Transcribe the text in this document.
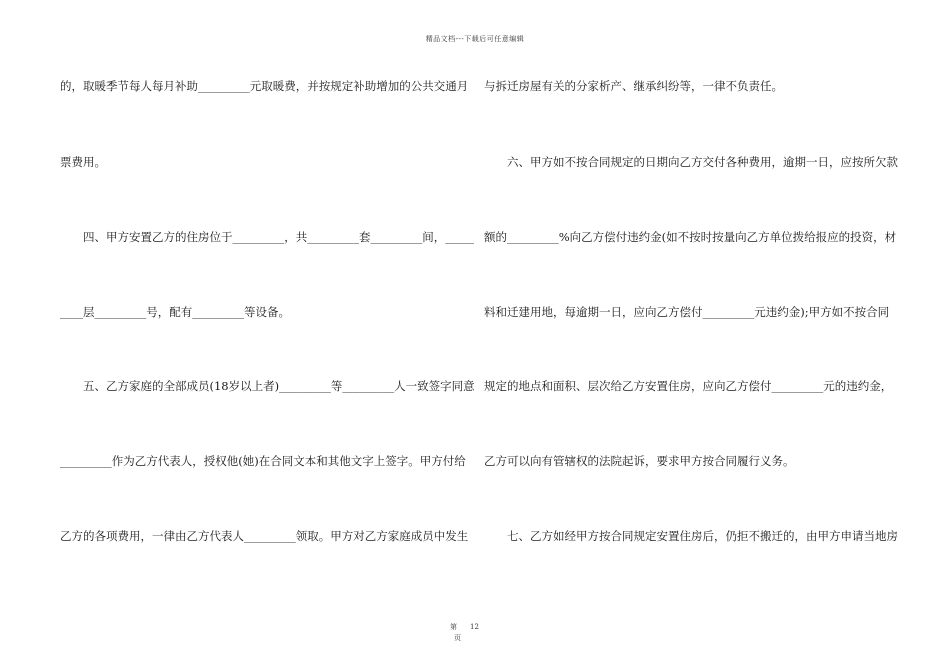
精品文档---下载后可任意编辑
的，取暖季节每人每月补助_________元取暖费，并按规定补助增加的公共交通月
票费用。
四、甲方安置乙方的住房位于_________，共_________套_________间，_____
____层_________号，配有_________等设备。
五、乙方家庭的全部成员(18岁以上者)_________等_________人一致签字同意
_________作为乙方代表人，授权他(她)在合同文本和其他文字上签字。甲方付给
乙方的各项费用，一律由乙方代表人_________领取。甲方对乙方家庭成员中发生
与拆迁房屋有关的分家析产、继承纠纷等，一律不负责任。
六、甲方如不按合同规定的日期向乙方交付各种费用，逾期一日，应按所欠款
额的_________%向乙方偿付违约金(如不按时按量向乙方单位拨给报应的投资，材
料和迁建用地，每逾期一日，应向乙方偿付_________元违约金);甲方如不按合同
规定的地点和面积、层次给乙方安置住房，应向乙方偿付_________元的违约金，
乙方可以向有管辖权的法院起诉，要求甲方按合同履行义务。
七、乙方如经甲方按合同规定安置住房后，仍拒不搬迁的，由甲方申请当地房
第 12
页
